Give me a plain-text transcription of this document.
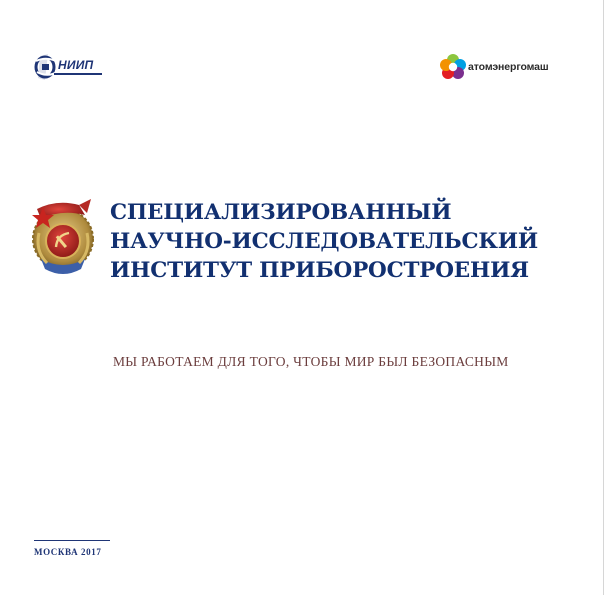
НИИП	атомэнергомаш
СПЕЦИАЛИЗИРОВАННЫЙ
НАУЧНО-ИССЛЕДОВАТЕЛЬСКИЙ
ИНСТИТУТ ПРИБОРОСТРОЕНИЯ
МЫ РАБОТАЕМ ДЛЯ ТОГО, ЧТОБЫ МИР БЫЛ БЕЗОПАСНЫМ
МОСКВА 2017
